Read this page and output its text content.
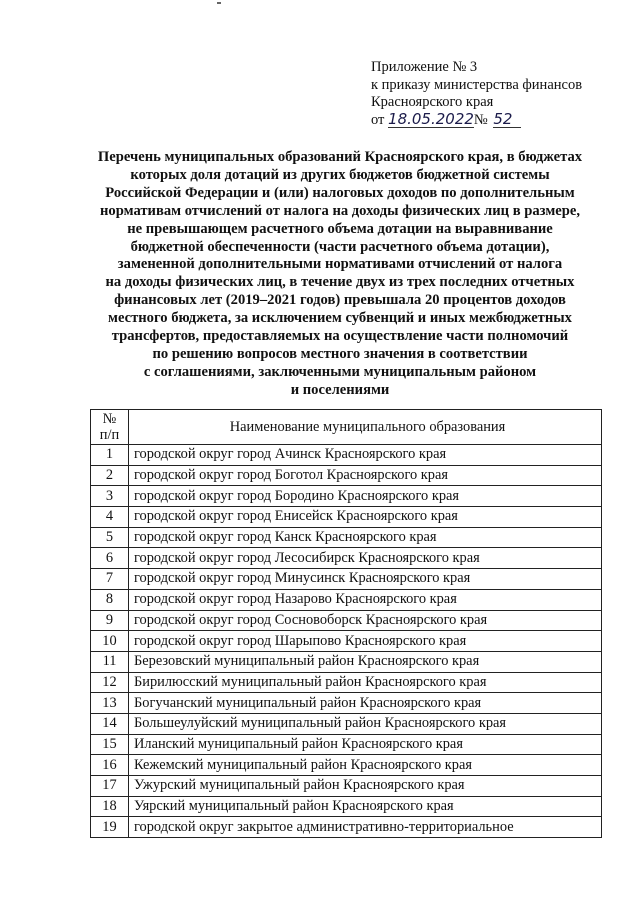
Приложение № 3
к приказу министерства финансов
Красноярского края
от 18.05.2022№ 52
Перечень муниципальных образований Красноярского края, в бюджетах
которых доля дотаций из других бюджетов бюджетной системы
Российской Федерации и (или) налоговых доходов по дополнительным
нормативам отчислений от налога на доходы физических лиц в размере,
не превышающем расчетного объема дотации на выравнивание
бюджетной обеспеченности (части расчетного объема дотации),
замененной дополнительными нормативами отчислений от налога
на доходы физических лиц, в течение двух из трех последних отчетных
финансовых лет (2019–2021 годов) превышала 20 процентов доходов
местного бюджета, за исключением субвенций и иных межбюджетных
трансфертов, предоставляемых на осуществление части полномочий
по решению вопросов местного значения в соответствии
с соглашениями, заключенными муниципальным районом
и поселениями
№
п/п	Наименование муниципального образования
1	городской округ город Ачинск Красноярского края
2	городской округ город Боготол Красноярского края
3	городской округ город Бородино Красноярского края
4	городской округ город Енисейск Красноярского края
5	городской округ город Канск Красноярского края
6	городской округ город Лесосибирск Красноярского края
7	городской округ город Минусинск Красноярского края
8	городской округ город Назарово Красноярского края
9	городской округ город Сосновоборск Красноярского края
10	городской округ город Шарыпово Красноярского края
11	Березовский муниципальный район Красноярского края
12	Бирилюсский муниципальный район Красноярского края
13	Богучанский муниципальный район Красноярского края
14	Большеулуйский муниципальный район Красноярского края
15	Иланский муниципальный район Красноярского края
16	Кежемский муниципальный район Красноярского края
17	Ужурский муниципальный район Красноярского края
18	Уярский муниципальный район Красноярского края
19	городской округ закрытое административно-территориальное
